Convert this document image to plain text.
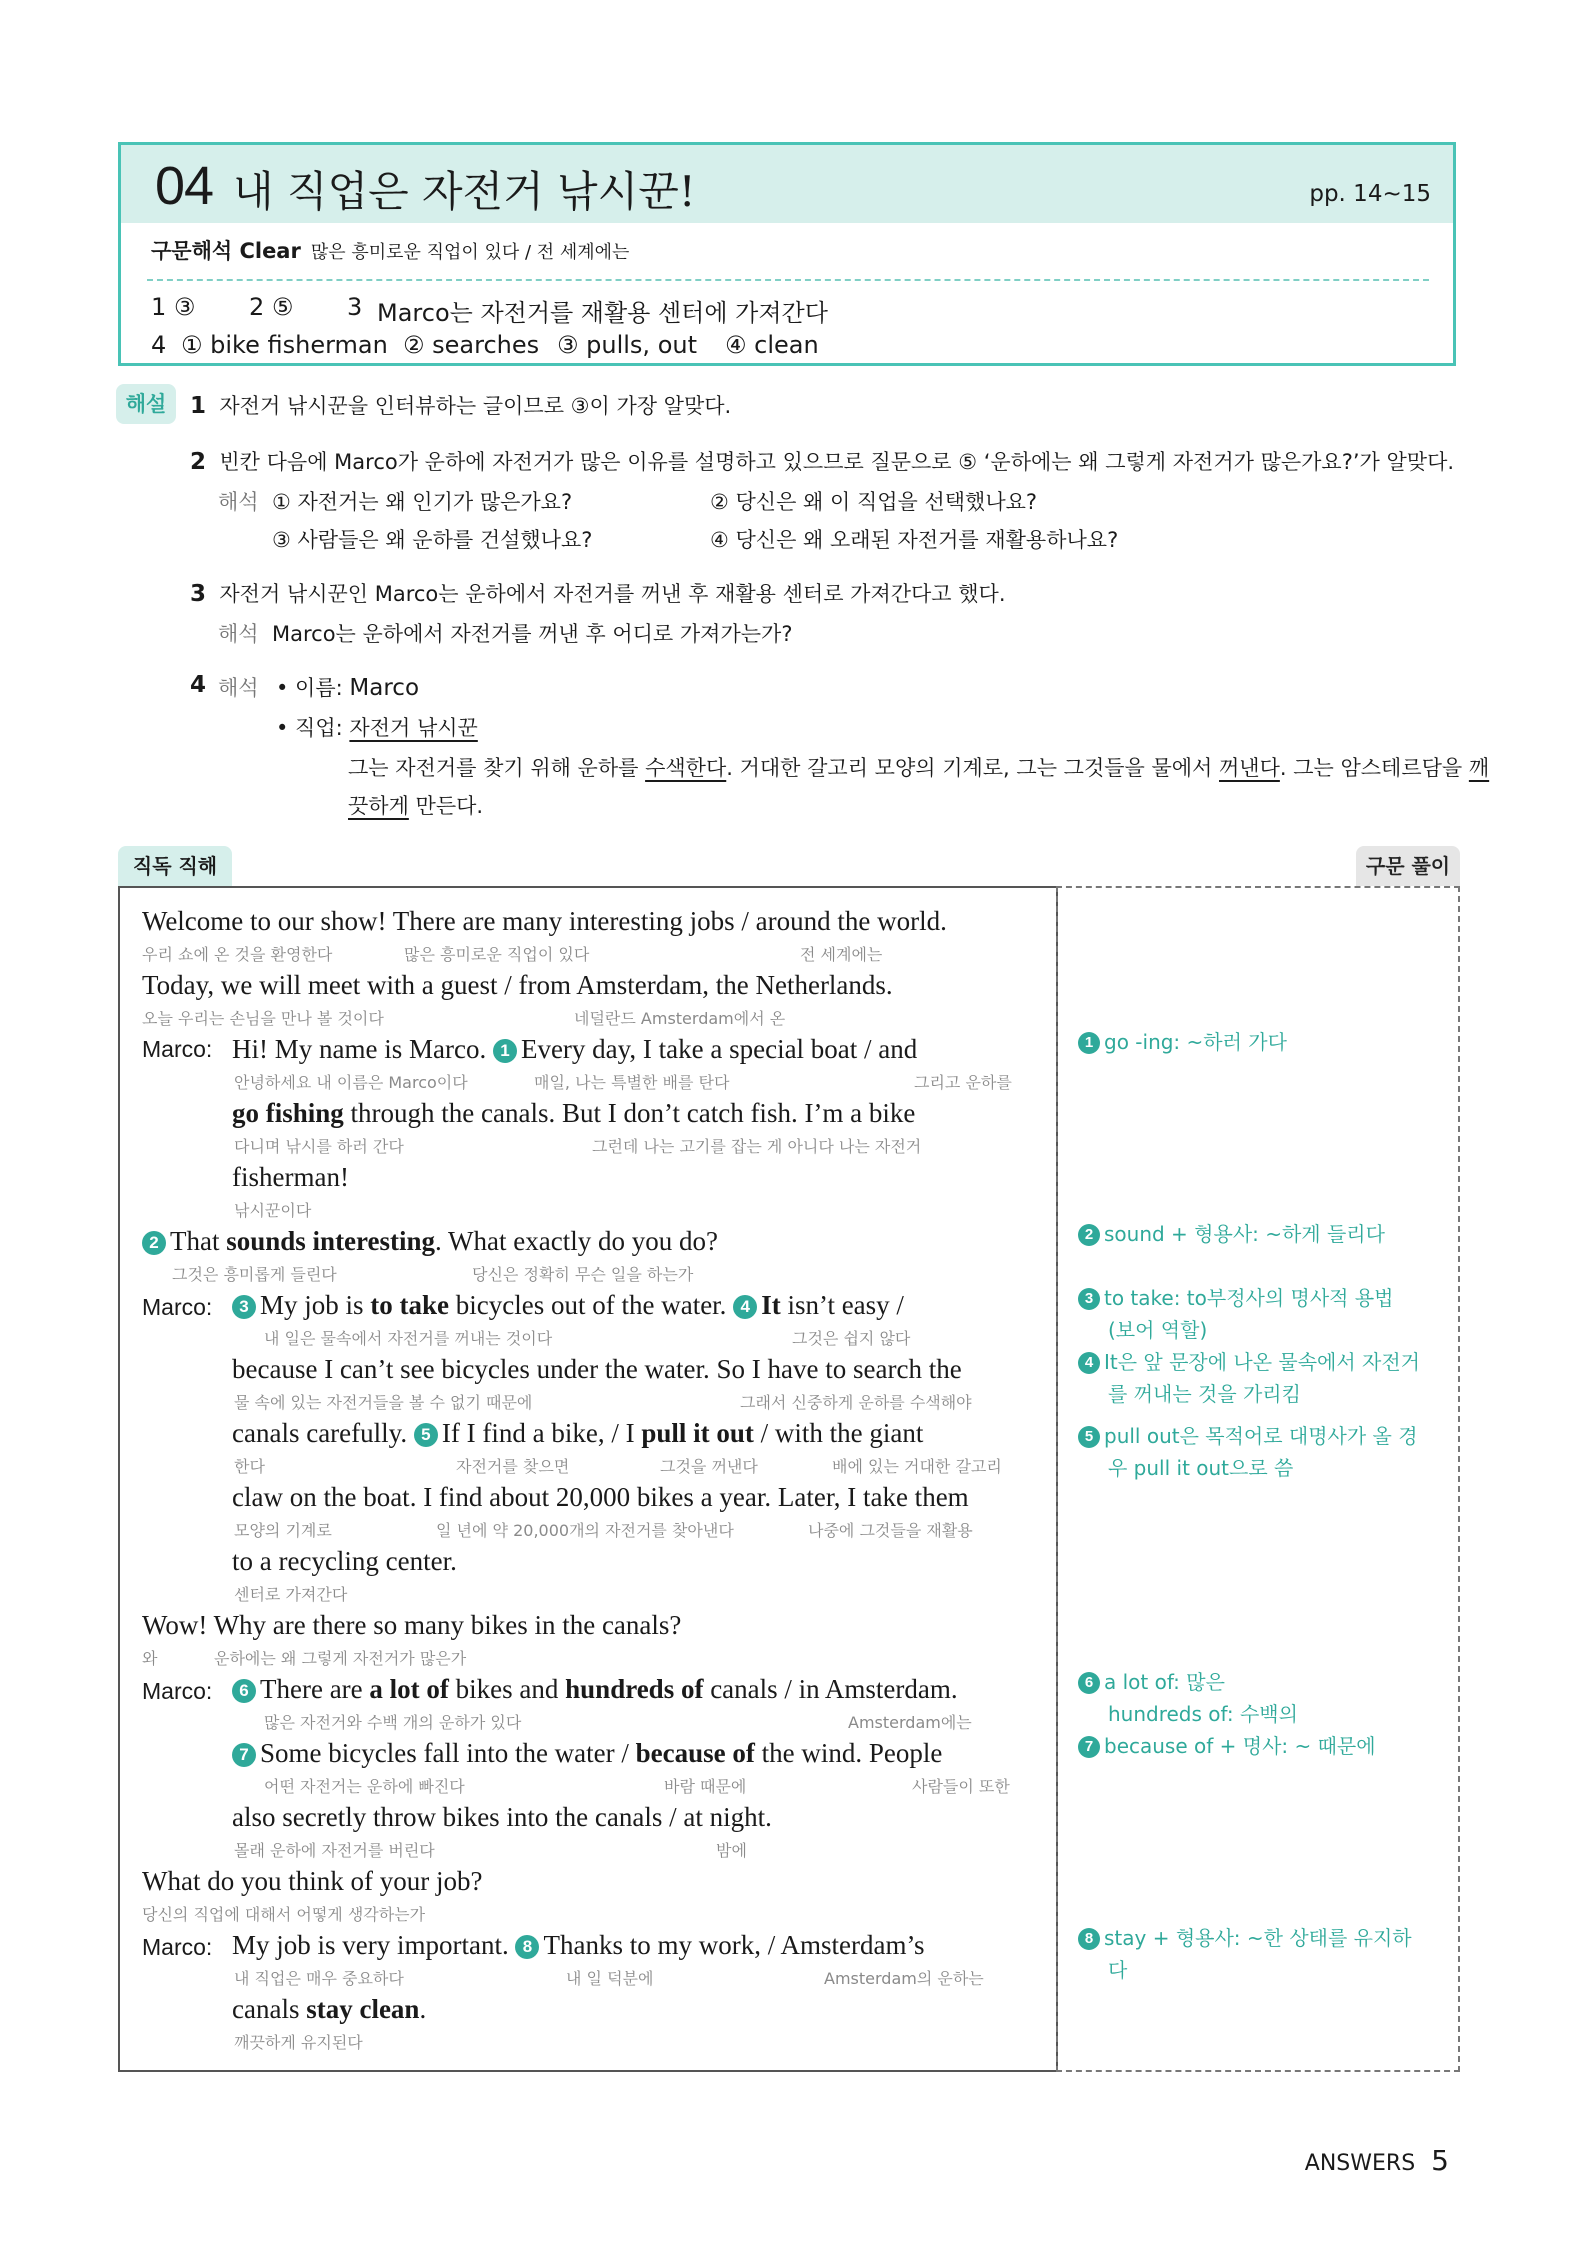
04 내 직업은 자전거 낚시꾼!	pp. 14~15
구문해석 Clear 많은 흥미로운 직업이 있다 / 전 세계에는
1 ③ 2 ⑤ 3 Marco는 자전거를 재활용 센터에 가져간다
4 ① bike fisherman ② searches ③ pulls, out ④ clean
해설	1 자전거 낚시꾼을 인터뷰하는 글이므로 ③이 가장 알맞다.
2 빈칸 다음에 Marco가 운하에 자전거가 많은 이유를 설명하고 있으므로 질문으로 ⑤ ‘운하에는 왜 그렇게 자전거가 많은가요?’가 알맞다.
해석 ① 자전거는 왜 인기가 많은가요?	② 당신은 왜 이 직업을 선택했나요?
③ 사람들은 왜 운하를 건설했나요?	④ 당신은 왜 오래된 자전거를 재활용하나요?
3 자전거 낚시꾼인 Marco는 운하에서 자전거를 꺼낸 후 재활용 센터로 가져간다고 했다.
해석 Marco는 운하에서 자전거를 꺼낸 후 어디로 가져가는가?
4 해석 • 이름: Marco
• 직업: 자전거 낚시꾼
그는 자전거를 찾기 위해 운하를 수색한다. 거대한 갈고리 모양의 기계로, 그는 그것들을 물에서 꺼낸다. 그는 암스테르담을 깨
끗하게 만든다.
직독 직해	구문 풀이
Welcome to our show! There are many interesting jobs / around the world.
우리 쇼에 온 것을 환영한다	많은 흥미로운 직업이 있다	전 세계에는
Today, we will meet with a guest / from Amsterdam, the Netherlands.
오늘 우리는 손님을 만나 볼 것이다	네덜란드 Amsterdam에서 온
Marco: Hi! My name is Marco. 1 Every day, I take a special boat / and
안녕하세요 내 이름은 Marco이다	매일, 나는 특별한 배를 탄다	그리고 운하를
go fishing through the canals. But I don’t catch fish. I’m a bike
다니며 낚시를 하러 간다	그런데 나는 고기를 잡는 게 아니다 나는 자전거
fisherman!
낚시꾼이다
2 That sounds interesting. What exactly do you do?
그것은 흥미롭게 들린다	당신은 정확히 무슨 일을 하는가
Marco:	3 My job is to take bicycles out of the water. 4 It isn’t easy /
내 일은 물속에서 자전거를 꺼내는 것이다	그것은 쉽지 않다
because I can’t see bicycles under the water. So I have to search the
물 속에 있는 자전거들을 볼 수 없기 때문에	그래서 신중하게 운하를 수색해야
canals carefully. 5 If I find a bike, / I pull it out / with the giant
한다	자전거를 찾으면	그것을 꺼낸다	배에 있는 거대한 갈고리
claw on the boat. I find about 20,000 bikes a year. Later, I take them
모양의 기계로	일 년에 약 20,000개의 자전거를 찾아낸다	나중에 그것들을 재활용
to a recycling center.
센터로 가져간다
Wow! Why are there so many bikes in the canals?
와	운하에는 왜 그렇게 자전거가 많은가
Marco:	6 There are a lot of bikes and hundreds of canals / in Amsterdam.
많은 자전거와 수백 개의 운하가 있다	Amsterdam에는
7 Some bicycles fall into the water / because of the wind. People
어떤 자전거는 운하에 빠진다	바람 때문에	사람들이 또한
also secretly throw bikes into the canals / at night.
몰래 운하에 자전거를 버린다	밤에
What do you think of your job?
당신의 직업에 대해서 어떻게 생각하는가
Marco: My job is very important. 8 Thanks to my work, / Amsterdam’s
내 직업은 매우 중요하다	내 일 덕분에	Amsterdam의 운하는
canals stay clean.
깨끗하게 유지된다
1 go -ing: ~하러 가다
2 sound + 형용사: ~하게 들리다
3 to take: to부정사의 명사적 용법
(보어 역할)
4 It은 앞 문장에 나온 물속에서 자전거
를 꺼내는 것을 가리킴
5 pull out은 목적어로 대명사가 올 경
우 pull it out으로 씀
6 a lot of: 많은
hundreds of: 수백의
7 because of + 명사: ~ 때문에
8 stay + 형용사: ~한 상태를 유지하
다
ANSWERS 5
